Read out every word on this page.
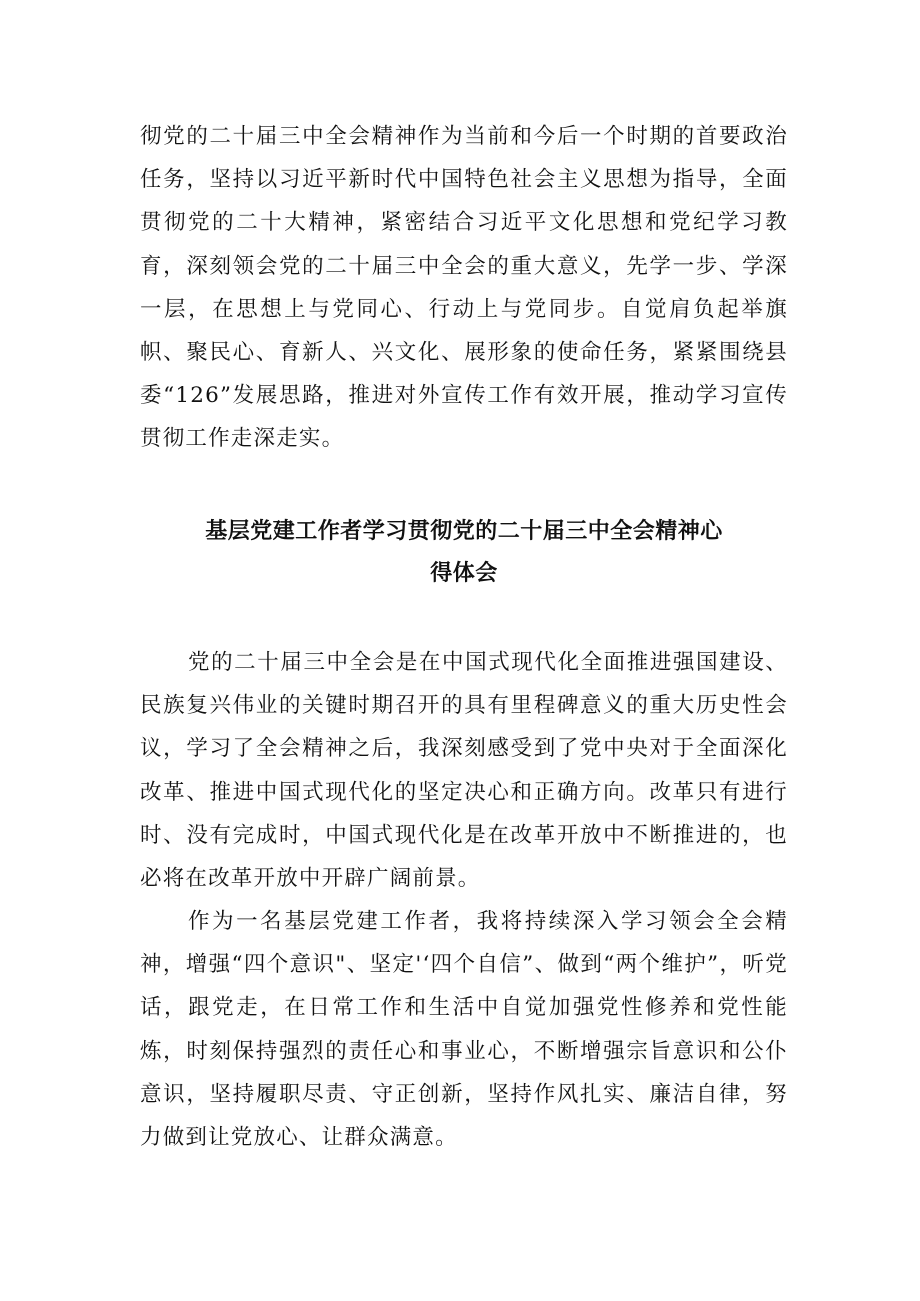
彻党的二十届三中全会精神作为当前和今后一个时期的首要政治任务，坚持以习近平新时代中国特色社会主义思想为指导，全面贯彻党的二十大精神，紧密结合习近平文化思想和党纪学习教育，深刻领会党的二十届三中全会的重大意义，先学一步、学深一层，在思想上与党同心、行动上与党同步。自觉肩负起举旗帜、聚民心、育新人、兴文化、展形象的使命任务，紧紧围绕县委“126”发展思路，推进对外宣传工作有效开展，推动学习宣传贯彻工作走深走实。

基层党建工作者学习贯彻党的二十届三中全会精神心
得体会

党的二十届三中全会是在中国式现代化全面推进强国建设、民族复兴伟业的关键时期召开的具有里程碑意义的重大历史性会议，学习了全会精神之后，我深刻感受到了党中央对于全面深化改革、推进中国式现代化的坚定决心和正确方向。改革只有进行时、没有完成时，中国式现代化是在改革开放中不断推进的，也必将在改革开放中开辟广阔前景。

作为一名基层党建工作者，我将持续深入学习领会全会精神，增强“四个意识"、坚定'‘四个自信”、做到“两个维护”，听党话，跟党走，在日常工作和生活中自觉加强党性修养和党性能炼，时刻保持强烈的责任心和事业心，不断增强宗旨意识和公仆意识，坚持履职尽责、守正创新，坚持作风扎实、廉洁自律，努力做到让党放心、让群众满意。
